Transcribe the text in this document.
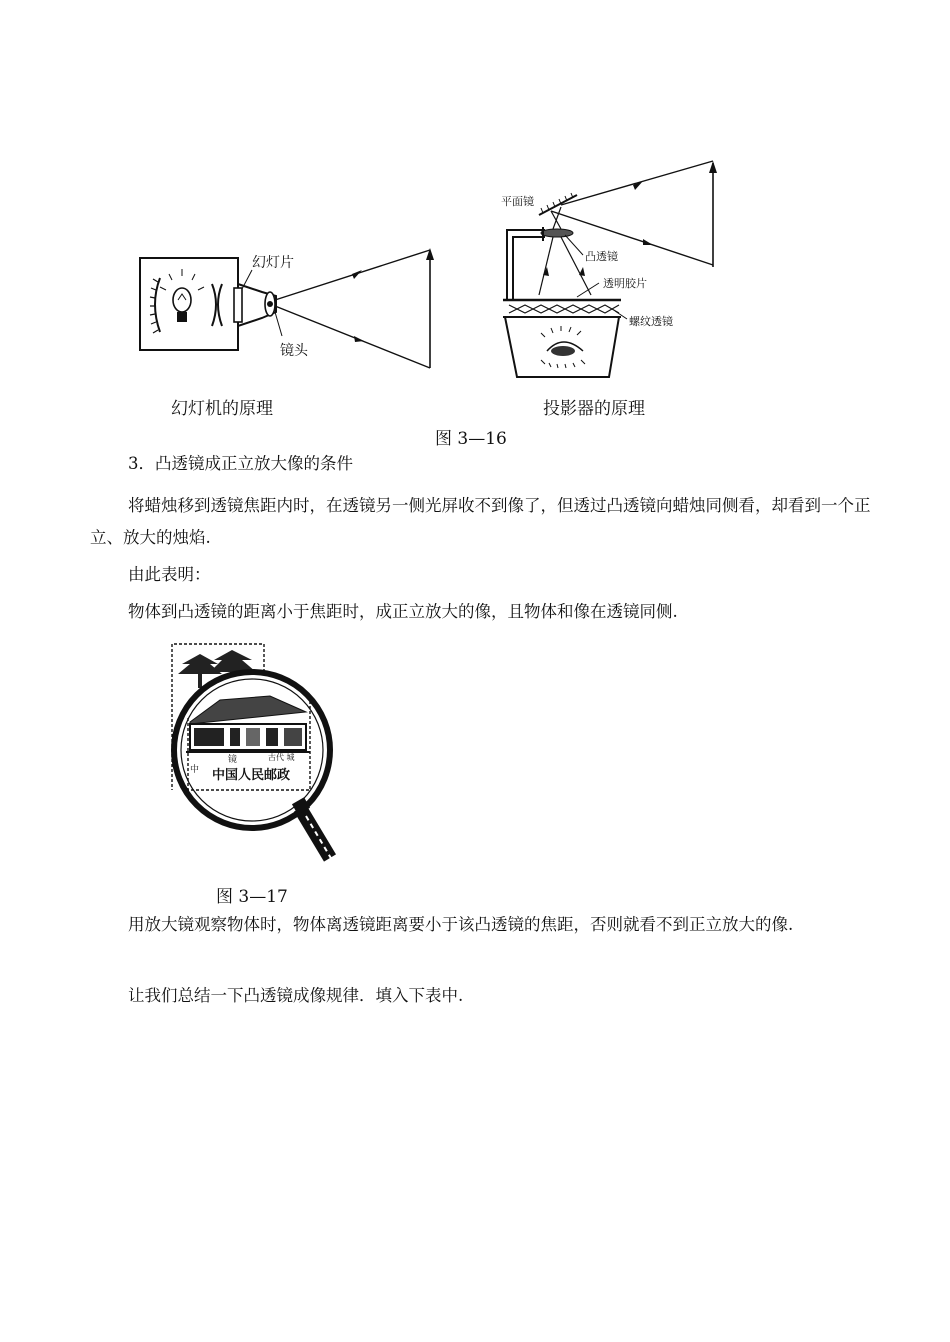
幻灯片
镜头
幻灯机的原理
平面镜
凸透镜
透明胶片
螺纹透镜
投影器的原理
图 3—16
3．凸透镜成正立放大像的条件
将蜡烛移到透镜焦距内时，在透镜另一侧光屏收不到像了，但透过凸透镜向蜡烛同侧看，却看到一个正立、放大的烛焰.
由此表明：
物体到凸透镜的距离小于焦距时，成正立放大的像，且物体和像在透镜同侧.
中国人民邮政
中
镜	古代 城
图 3—17
用放大镜观察物体时，物体离透镜距离要小于该凸透镜的焦距，否则就看不到正立放大的像.
让我们总结一下凸透镜成像规律．填入下表中.
